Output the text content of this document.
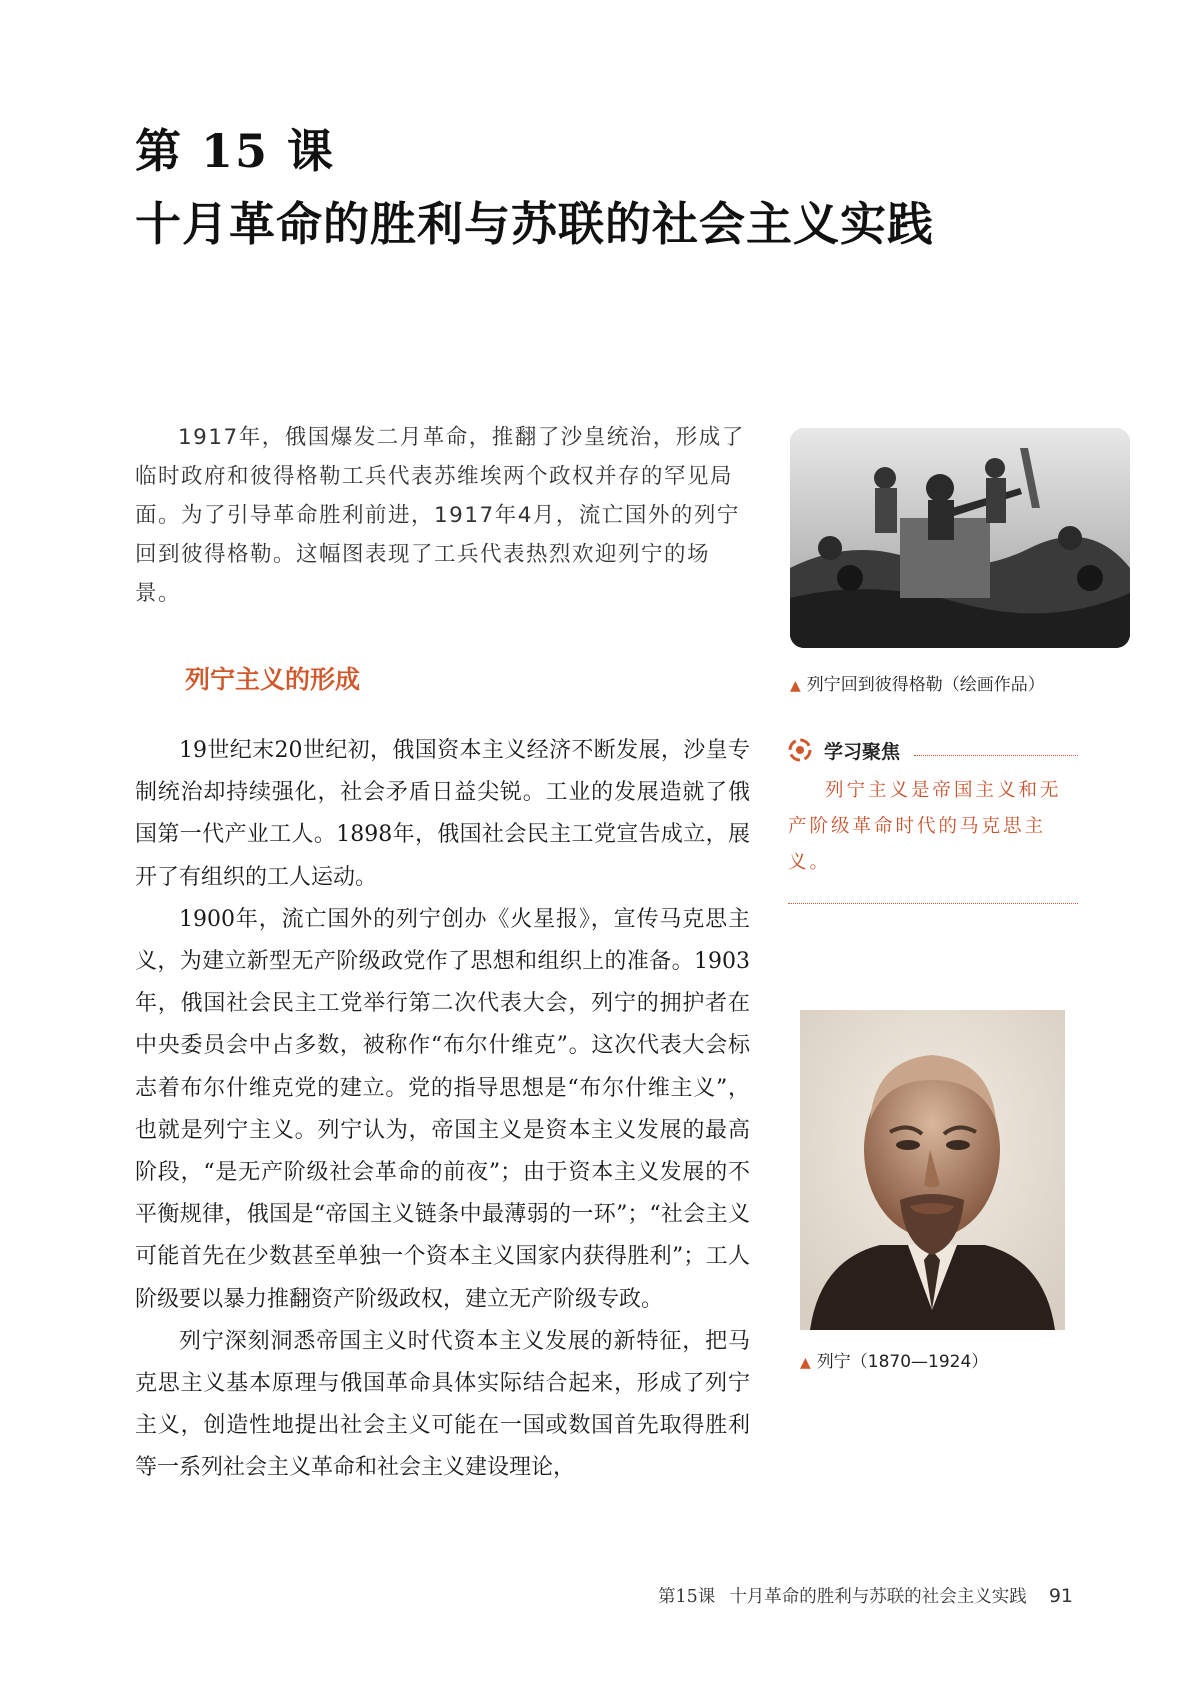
第 15 课
十月革命的胜利与苏联的社会主义实践

1917年，俄国爆发二月革命，推翻了沙皇统治，形成了临时政府和彼得格勒工兵代表苏维埃两个政权并存的罕见局面。为了引导革命胜利前进，1917年4月，流亡国外的列宁回到彼得格勒。这幅图表现了工兵代表热烈欢迎列宁的场景。

▲ 列宁回到彼得格勒（绘画作品）

列宁主义的形成

19世纪末20世纪初，俄国资本主义经济不断发展，沙皇专制统治却持续强化，社会矛盾日益尖锐。工业的发展造就了俄国第一代产业工人。1898年，俄国社会民主工党宣告成立，展开了有组织的工人运动。

1900年，流亡国外的列宁创办《火星报》，宣传马克思主义，为建立新型无产阶级政党作了思想和组织上的准备。1903年，俄国社会民主工党举行第二次代表大会，列宁的拥护者在中央委员会中占多数，被称作“布尔什维克”。这次代表大会标志着布尔什维克党的建立。党的指导思想是“布尔什维主义”，也就是列宁主义。列宁认为，帝国主义是资本主义发展的最高阶段，“是无产阶级社会革命的前夜”；由于资本主义发展的不平衡规律，俄国是“帝国主义链条中最薄弱的一环”；“社会主义可能首先在少数甚至单独一个资本主义国家内获得胜利”；工人阶级要以暴力推翻资产阶级政权，建立无产阶级专政。

列宁深刻洞悉帝国主义时代资本主义发展的新特征，把马克思主义基本原理与俄国革命具体实际结合起来，形成了列宁主义，创造性地提出社会主义可能在一国或数国首先取得胜利等一系列社会主义革命和社会主义建设理论，

学习聚焦

列宁主义是帝国主义和无产阶级革命时代的马克思主义。

▲ 列宁（1870—1924）

第15课 十月革命的胜利与苏联的社会主义实践 91
